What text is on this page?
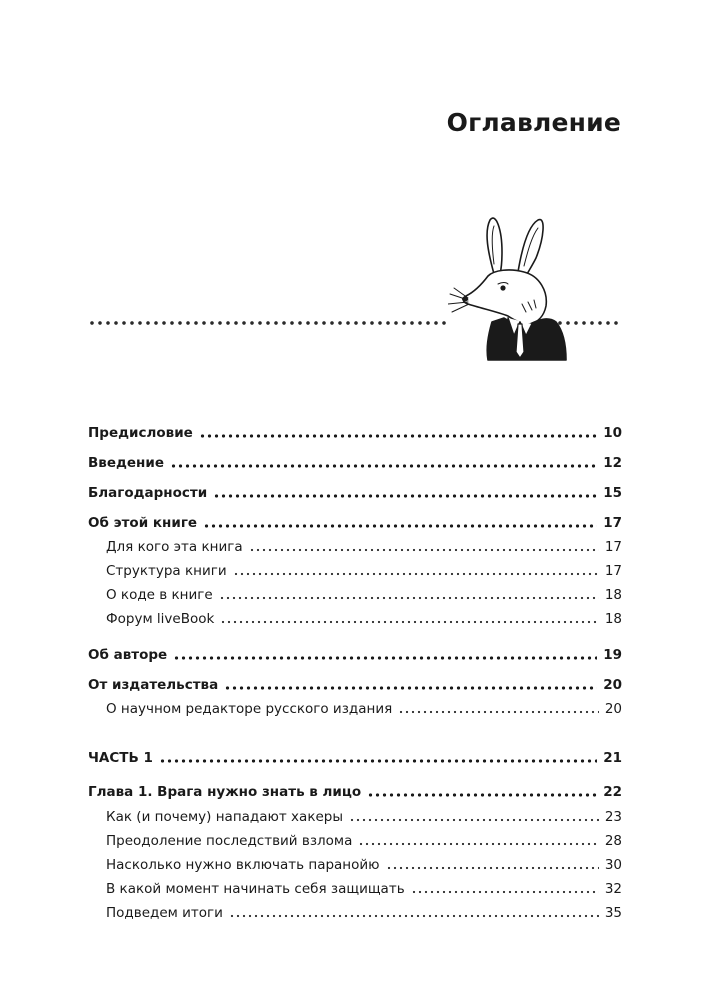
Оглавление
Предисловие	10
Введение	12
Благодарности	15
Об этой книге	17
Для кого эта книга	17
Структура книги	17
О коде в книге	18
Форум liveBook	18
Об авторе	19
От издательства	20
О научном редакторе русского издания	20
ЧАСТЬ 1	21
Глава 1. Врага нужно знать в лицо	22
Как (и почему) нападают хакеры	23
Преодоление последствий взлома	28
Насколько нужно включать паранойю	30
В какой момент начинать себя защищать	32
Подведем итоги	35
